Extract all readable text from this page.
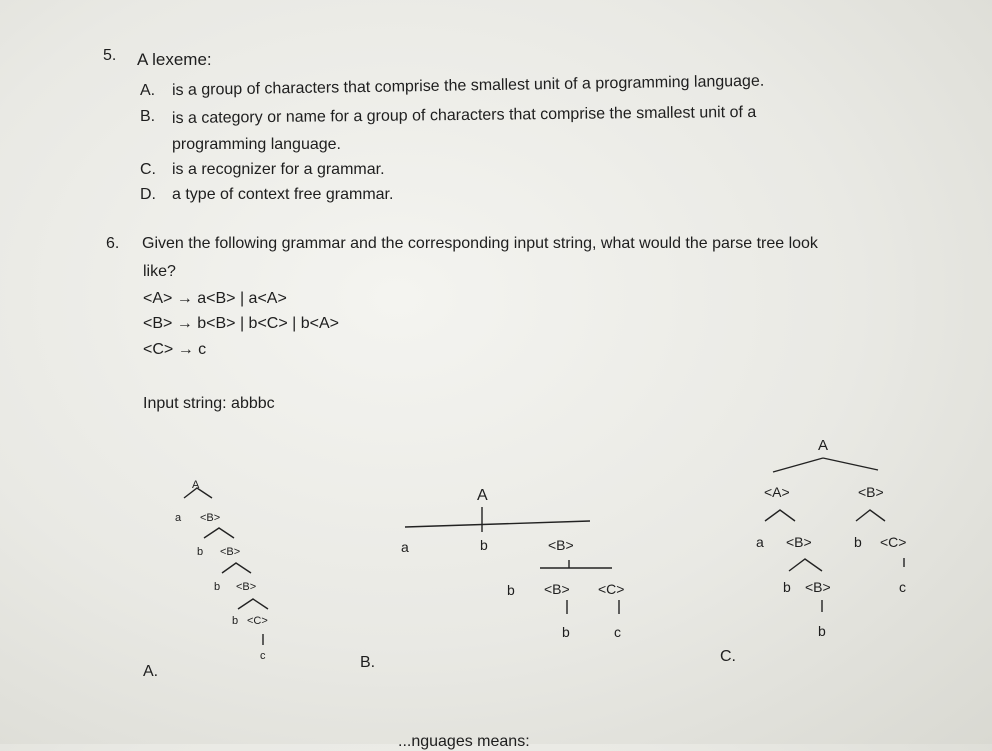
5. A lexeme:
A. is a group of characters that comprise the smallest unit of a programming language.
B. is a category or name for a group of characters that comprise the smallest unit of a
programming language.
C. is a recognizer for a grammar.
D. a type of context free grammar.
6. Given the following grammar and the corresponding input string, what would the parse tree look
like?
<A> → a<B> | a<A>
<B> → b<B> | b<C> | b<A>
<C> → c
Input string: abbbc
A
a <B>
b <B>
b <B>
b <C>
c
A.
A
a	b	<B>
b <B> <C>
b	c
B.
A
<A>	<B>
a <B>	b <C>
b <B>	c
b
C.
...nguages means:
